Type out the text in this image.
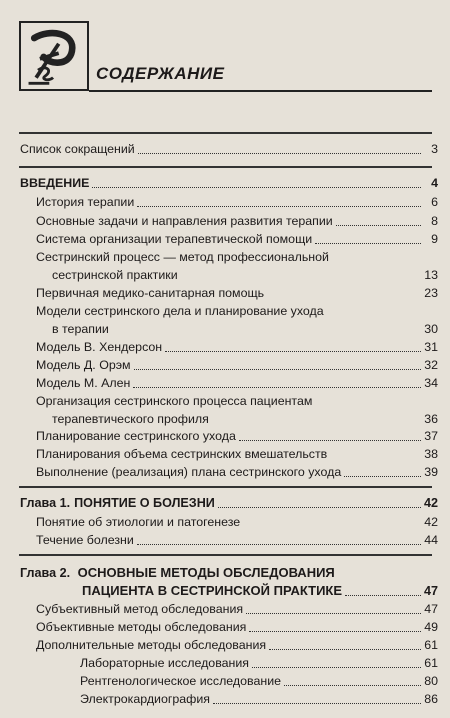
СОДЕРЖАНИЕ
Список сокращений	3
ВВЕДЕНИЕ	4
История терапии	6
Основные задачи и направления развития терапии	8
Система организации терапевтической помощи	9
Сестринский процесс — метод профессиональной
сестринской практики	13
Первичная медико-санитарная помощь	23
Модели сестринского дела и планирование ухода
в терапии	30
Модель В. Хендерсон	31
Модель Д. Орэм	32
Модель М. Ален	34
Организация сестринского процесса пациентам
терапевтического профиля	36
Планирование сестринского ухода	37
Планирования объема сестринских вмешательств	38
Выполнение (реализация) плана сестринского ухода	39
Глава 1. ПОНЯТИЕ О БОЛЕЗНИ	42
Понятие об этиологии и патогенезе	42
Течение болезни	44
Глава 2. ОСНОВНЫЕ МЕТОДЫ ОБСЛЕДОВАНИЯ
ПАЦИЕНТА В СЕСТРИНСКОЙ ПРАКТИКЕ	47
Субъективный метод обследования	47
Объективные методы обследования	49
Дополнительные методы обследования	61
Лабораторные исследования	61
Рентгенологическое исследование	80
Электрокардиография	86
